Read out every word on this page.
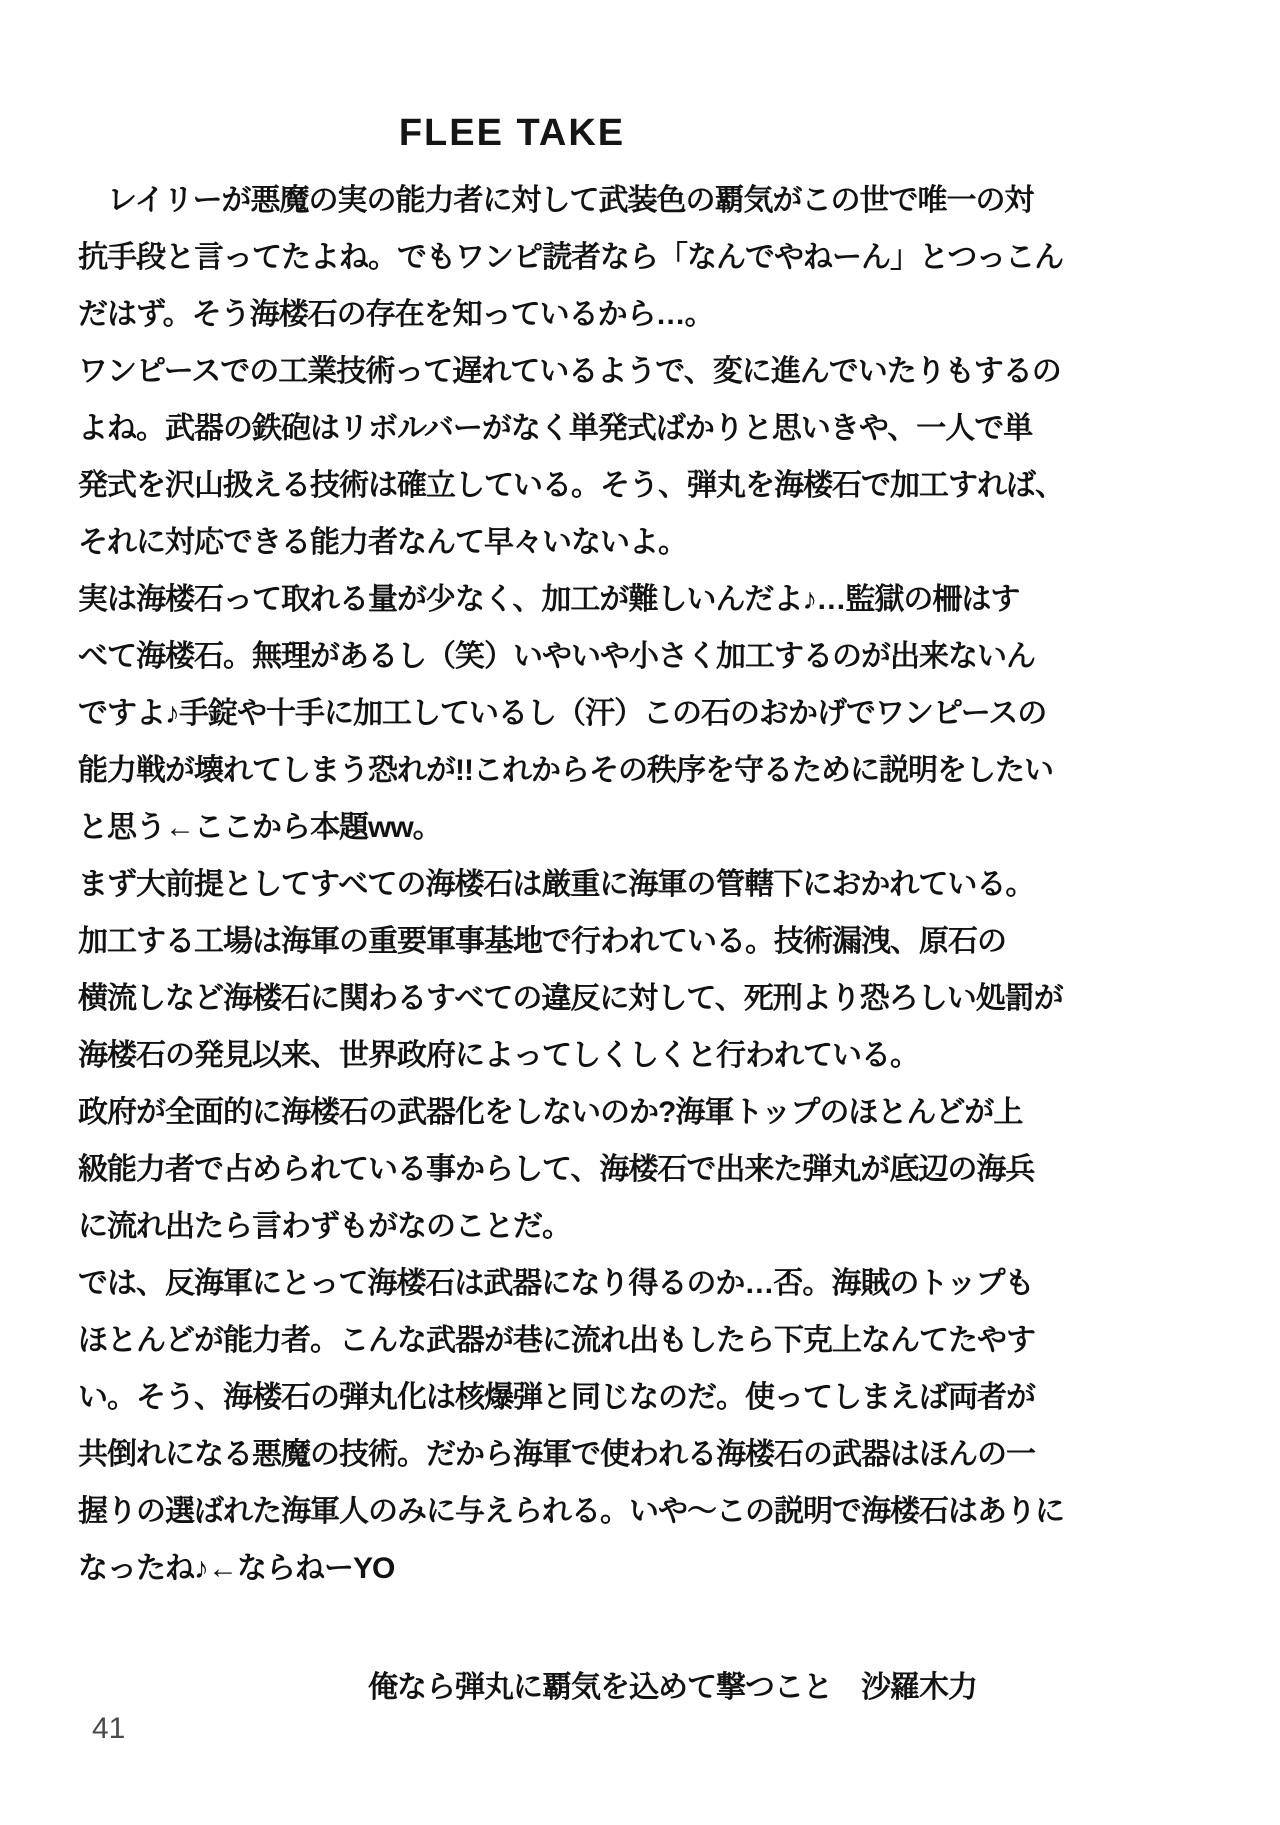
FLEE TAKE
　レイリーが悪魔の実の能力者に対して武装色の覇気がこの世で唯一の対
抗手段と言ってたよね。でもワンピ読者なら「なんでやねーん」とつっこん
だはず。そう海楼石の存在を知っているから…。
ワンピースでの工業技術って遅れているようで、変に進んでいたりもするの
よね。武器の鉄砲はリボルバーがなく単発式ばかりと思いきや、一人で単
発式を沢山扱える技術は確立している。そう、弾丸を海楼石で加工すれば、
それに対応できる能力者なんて早々いないよ。
実は海楼石って取れる量が少なく、加工が難しいんだよ♪…監獄の柵はす
べて海楼石。無理があるし（笑）いやいや小さく加工するのが出来ないん
ですよ♪手錠や十手に加工しているし（汗）この石のおかげでワンピースの
能力戦が壊れてしまう恐れが!!これからその秩序を守るために説明をしたい
と思う←ここから本題ww。
まず大前提としてすべての海楼石は厳重に海軍の管轄下におかれている。
加工する工場は海軍の重要軍事基地で行われている。技術漏洩、原石の
横流しなど海楼石に関わるすべての違反に対して、死刑より恐ろしい処罰が
海楼石の発見以来、世界政府によってしくしくと行われている。
政府が全面的に海楼石の武器化をしないのか?海軍トップのほとんどが上
級能力者で占められている事からして、海楼石で出来た弾丸が底辺の海兵
に流れ出たら言わずもがなのことだ。
では、反海軍にとって海楼石は武器になり得るのか…否。海賊のトップも
ほとんどが能力者。こんな武器が巷に流れ出もしたら下克上なんてたやす
い。そう、海楼石の弾丸化は核爆弾と同じなのだ。使ってしまえば両者が
共倒れになる悪魔の技術。だから海軍で使われる海楼石の武器はほんの一
握りの選ばれた海軍人のみに与えられる。いや〜この説明で海楼石はありに
なったね♪←ならねーYO
俺なら弾丸に覇気を込めて撃つこと　沙羅木力
41
